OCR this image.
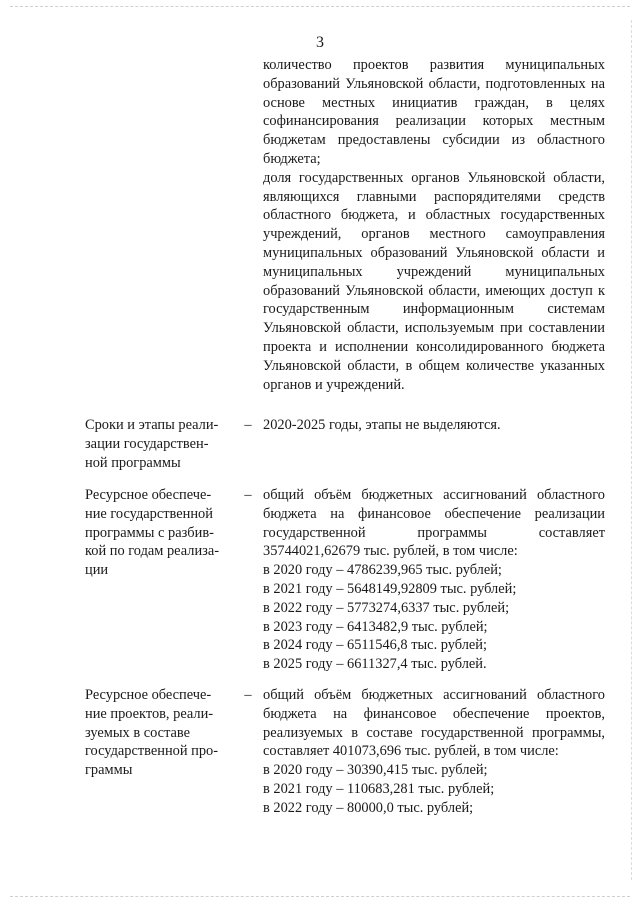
3

количество проектов развития муниципальных образований Ульяновской области, подготовленных на основе местных инициатив граждан, в целях софинансирования реализации которых местным бюджетам предоставлены субсидии из областного бюджета;

доля государственных органов Ульяновской области, являющихся главными распорядителями средств областного бюджета, и областных государственных учреждений, органов местного самоуправления муниципальных образований Ульяновской области и муниципальных учреждений муниципальных образований Ульяновской области, имеющих доступ к государственным информационным системам Ульяновской области, используемым при составлении проекта и исполнении консолидированного бюджета Ульяновской области, в общем количестве указанных органов и учреждений.

Сроки и этапы реали-
зации государствен-
ной программы
– 2020-2025 годы, этапы не выделяются.

Ресурсное обеспече-
ние государственной
программы с разбив-
кой по годам реализа-
ции
– общий объём бюджетных ассигнований областного бюджета на финансовое обеспечение реализации государственной программы составляет 35744021,62679 тыс. рублей, в том числе:

в 2020 году – 4786239,965 тыс. рублей;
в 2021 году – 5648149,92809 тыс. рублей;
в 2022 году – 5773274,6337 тыс. рублей;
в 2023 году – 6413482,9 тыс. рублей;
в 2024 году – 6511546,8 тыс. рублей;
в 2025 году – 6611327,4 тыс. рублей.
Ресурсное обеспече-
ние проектов, реали-
зуемых в составе
государственной про-
граммы
– общий объём бюджетных ассигнований областного бюджета на финансовое обеспечение проектов, реализуемых в составе государственной программы, составляет 401073,696 тыс. рублей, в том числе:

в 2020 году – 30390,415 тыс. рублей;
в 2021 году – 110683,281 тыс. рублей;
в 2022 году – 80000,0 тыс. рублей;
